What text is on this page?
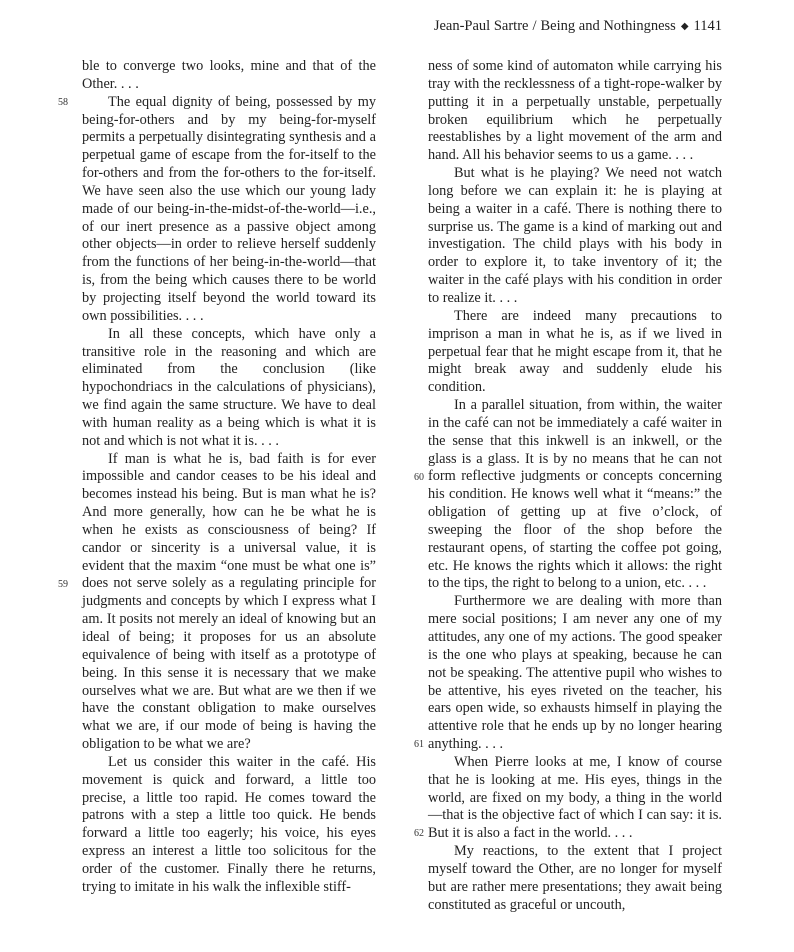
Jean-Paul Sartre / Being and Nothingness ◆ 1141
58
59

ble to converge two looks, mine and that of the Other. . . .

The equal dignity of being, possessed by my being-for-others and by my being-for-myself permits a perpetually disintegrating synthesis and a perpetual game of escape from the for-itself to the for-others and from the for-others to the for-itself. We have seen also the use which our young lady made of our being-in-the-midst-of-the-world—i.e., of our inert presence as a passive object among other objects—in order to relieve herself suddenly from the functions of her being-in-the-world—that is, from the being which causes there to be world by projecting itself beyond the world toward its own possibilities. . . .

In all these concepts, which have only a transitive role in the reasoning and which are eliminated from the conclusion (like hypochondriacs in the calculations of physicians), we find again the same structure. We have to deal with human reality as a being which is what it is not and which is not what it is. . . .

If man is what he is, bad faith is for ever impossible and candor ceases to be his ideal and becomes instead his being. But is man what he is? And more generally, how can he be what he is when he exists as consciousness of being? If candor or sincerity is a universal value, it is evident that the maxim “one must be what one is” does not serve solely as a regulating principle for judgments and concepts by which I express what I am. It posits not merely an ideal of knowing but an ideal of being; it proposes for us an absolute equivalence of being with itself as a prototype of being. In this sense it is necessary that we make ourselves what we are. But what are we then if we have the constant obligation to make ourselves what we are, if our mode of being is having the obligation to be what we are?

Let us consider this waiter in the café. His movement is quick and forward, a little too precise, a little too rapid. He comes toward the patrons with a step a little too quick. He bends forward a little too eagerly; his voice, his eyes express an interest a little too solicitous for the order of the customer. Finally there he returns, trying to imitate in his walk the inflexible stiff-

60
61
62

ness of some kind of automaton while carrying his tray with the recklessness of a tight-rope-walker by putting it in a perpetually unstable, perpetually broken equilibrium which he perpetually reestablishes by a light movement of the arm and hand. All his behavior seems to us a game. . . .

But what is he playing? We need not watch long before we can explain it: he is playing at being a waiter in a café. There is nothing there to surprise us. The game is a kind of marking out and investigation. The child plays with his body in order to explore it, to take inventory of it; the waiter in the café plays with his condition in order to realize it. . . .

There are indeed many precautions to imprison a man in what he is, as if we lived in perpetual fear that he might escape from it, that he might break away and suddenly elude his condition.

In a parallel situation, from within, the waiter in the café can not be immediately a café waiter in the sense that this inkwell is an inkwell, or the glass is a glass. It is by no means that he can not form reflective judgments or concepts concerning his condition. He knows well what it “means:” the obligation of getting up at five o’clock, of sweeping the floor of the shop before the restaurant opens, of starting the coffee pot going, etc. He knows the rights which it allows: the right to the tips, the right to belong to a union, etc. . . .

Furthermore we are dealing with more than mere social positions; I am never any one of my attitudes, any one of my actions. The good speaker is the one who plays at speaking, because he can not be speaking. The attentive pupil who wishes to be attentive, his eyes riveted on the teacher, his ears open wide, so exhausts himself in playing the attentive role that he ends up by no longer hearing anything. . . .

When Pierre looks at me, I know of course that he is looking at me. His eyes, things in the world, are fixed on my body, a thing in the world—that is the objective fact of which I can say: it is. But it is also a fact in the world. . . .

My reactions, to the extent that I project myself toward the Other, are no longer for myself but are rather mere presentations; they await being constituted as graceful or uncouth,
